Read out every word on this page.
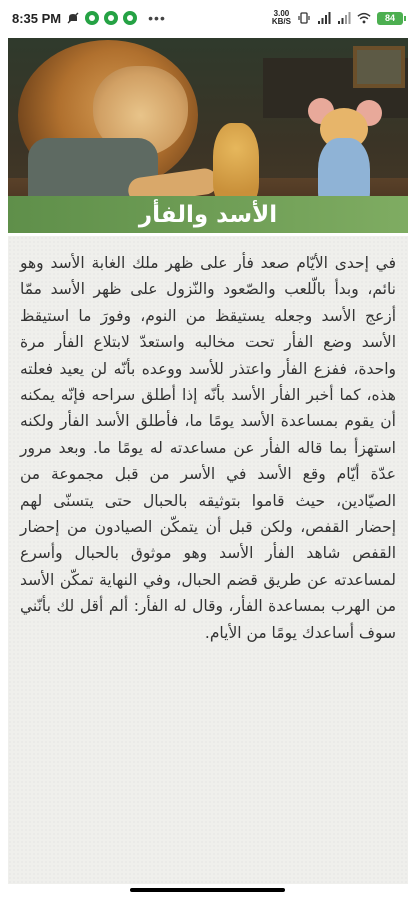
8:35 PM	•••	3.00
KB/S	84
الأسد والفأر

في إحدى الأيّام صعد فأر على ظهر ملك الغابة الأسد وهو نائم، وبدأ بالّلعب والصّعود والنّزول على ظهر الأسد ممّا أزعج الأسد وجعله يستيقظ من النوم، وفورَ ما استيقظ الأسد وضع الفأر تحت مخالبه واستعدّ لابتلاع الفأر مرة واحدة، ففزع الفأر واعتذر للأسد ووعده بأنّه لن يعيد فعلته هذه، كما أخبر الفأر الأسد بأنّه إذا أطلق سراحه فإنّه يمكنه أن يقوم بمساعدة الأسد يومًا ما، فأطلق الأسد الفأر ولكنه استهزأ بما قاله الفأر عن مساعدته له يومًا ما. وبعد مرور عدّة أيّام وقع الأسد في الأسر من قبل مجموعة من الصيّادين، حيث قاموا بتوثيقه بالحبال حتى يتسنّى لهم إحضار القفص، ولكن قبل أن يتمكّن الصيادون من إحضار القفص شاهد الفأر الأسد وهو موثوق بالحبال وأسرع لمساعدته عن طريق قضم الحبال، وفي النهاية تمكّن الأسد من الهرب بمساعدة الفأر، وقال له الفأر: ألم أقل لك بأنّني سوف أساعدك يومًا من الأيام.
